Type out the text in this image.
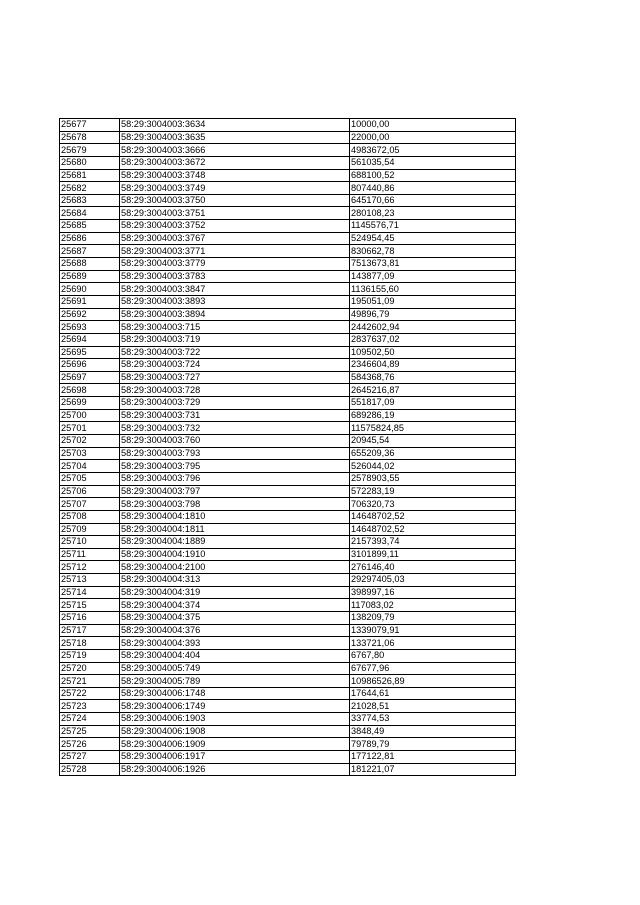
25677	58:29:3004003:3634	10000,00
25678	58:29:3004003:3635	22000,00
25679	58:29:3004003:3666	4983672,05
25680	58:29:3004003:3672	561035,54
25681	58:29:3004003:3748	688100,52
25682	58:29:3004003:3749	807440,86
25683	58:29:3004003:3750	645170,66
25684	58:29:3004003:3751	280108,23
25685	58:29:3004003:3752	1145576,71
25686	58:29:3004003:3767	524954,45
25687	58:29:3004003:3771	830662,78
25688	58:29:3004003:3779	7513673,81
25689	58:29:3004003:3783	143877,09
25690	58:29:3004003:3847	1136155,60
25691	58:29:3004003:3893	195051,09
25692	58:29:3004003:3894	49896,79
25693	58:29:3004003:715	2442602,94
25694	58:29:3004003:719	2837637,02
25695	58:29:3004003:722	109502,50
25696	58:29:3004003:724	2346604,89
25697	58:29:3004003:727	584368,76
25698	58:29:3004003:728	2645216,87
25699	58:29:3004003:729	551817,09
25700	58:29:3004003:731	689286,19
25701	58:29:3004003:732	11575824,85
25702	58:29:3004003:760	20945,54
25703	58:29:3004003:793	655209,36
25704	58:29:3004003:795	526044,02
25705	58:29:3004003:796	2578903,55
25706	58:29:3004003:797	572283,19
25707	58:29:3004003:798	706320,73
25708	58:29:3004004:1810	14648702,52
25709	58:29:3004004:1811	14648702,52
25710	58:29:3004004:1889	2157393,74
25711	58:29:3004004:1910	3101899,11
25712	58:29:3004004:2100	276146,40
25713	58:29:3004004:313	29297405,03
25714	58:29:3004004:319	398997,16
25715	58:29:3004004:374	117083,02
25716	58:29:3004004:375	138209,79
25717	58:29:3004004:376	1339079,91
25718	58:29:3004004:393	133721,06
25719	58:29:3004004:404	6767,80
25720	58:29:3004005:749	67677,96
25721	58:29:3004005:789	10986526,89
25722	58:29:3004006:1748	17644,61
25723	58:29:3004006:1749	21028,51
25724	58:29:3004006:1903	33774,53
25725	58:29:3004006:1908	3848,49
25726	58:29:3004006:1909	79789,79
25727	58:29:3004006:1917	177122,81
25728	58:29:3004006:1926	181221,07
